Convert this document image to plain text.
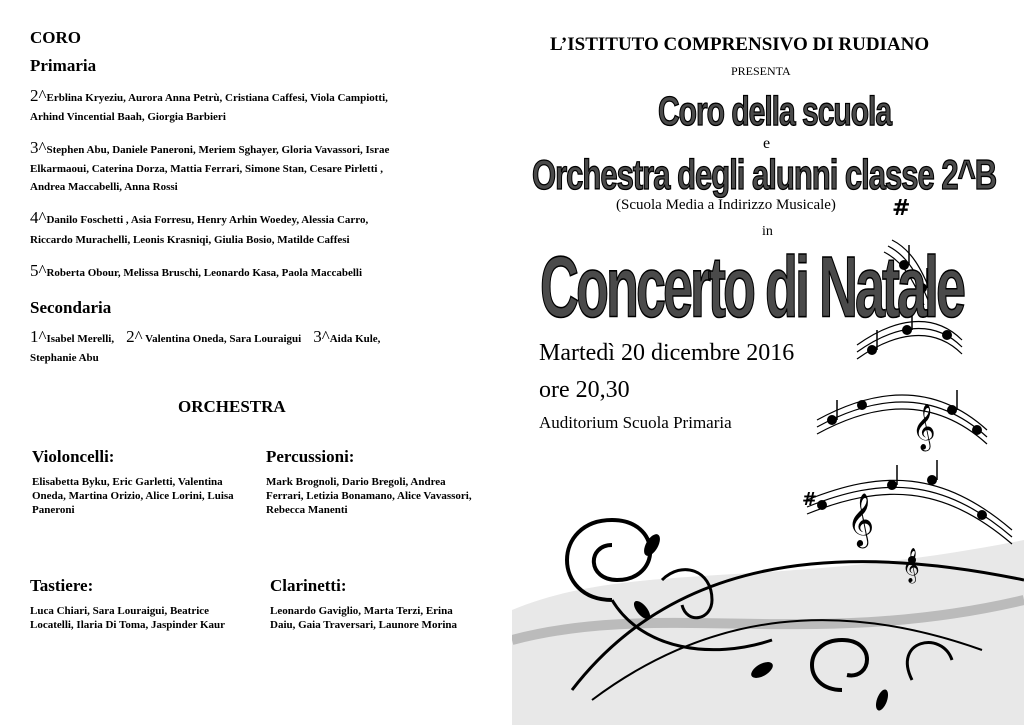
CORO
Primaria
2^Erblina Kryeziu, Aurora Anna Petrù, Cristiana Caffesi, Viola Campiotti,
Arhind Vincential Baah, Giorgia Barbieri
3^Stephen Abu, Daniele Paneroni, Meriem Sghayer, Gloria Vavassori, Israe
Elkarmaoui, Caterina Dorza, Mattia Ferrari, Simone Stan, Cesare Pirletti ,
Andrea Maccabelli, Anna Rossi
4^Danilo Foschetti , Asia Forresu, Henry Arhin Woedey, Alessia Carro,
Riccardo Murachelli, Leonis Krasniqi, Giulia Bosio, Matilde Caffesi
5^Roberta Obour, Melissa Bruschi, Leonardo Kasa, Paola Maccabelli
Secondaria
1^Isabel Merelli, 2^ Valentina Oneda, Sara Louraigui 3^Aida Kule,
Stephanie Abu
ORCHESTRA
Violoncelli:
Elisabetta Byku, Eric Garletti, Valentina Oneda, Martina Orizio, Alice Lorini, Luisa Paneroni
Percussioni:
Mark Brognoli, Dario Bregoli, Andrea Ferrari, Letizia Bonamano, Alice Vavassori, Rebecca Manenti
Tastiere:
Luca Chiari, Sara Louraigui, Beatrice Locatelli, Ilaria Di Toma, Jaspinder Kaur
Clarinetti:
Leonardo Gaviglio, Marta Terzi, Erina Daiu, Gaia Traversari, Launore Morina
𝄞
𝄞
𝄞
#
#
L’ISTITUTO COMPRENSIVO DI RUDIANO
PRESENTA
Coro della scuola
e
Orchestra degli alunni classe 2^B
(Scuola Media a Indirizzo Musicale)
in
Concerto di Natale
Martedì 20 dicembre 2016
ore 20,30
Auditorium Scuola Primaria
